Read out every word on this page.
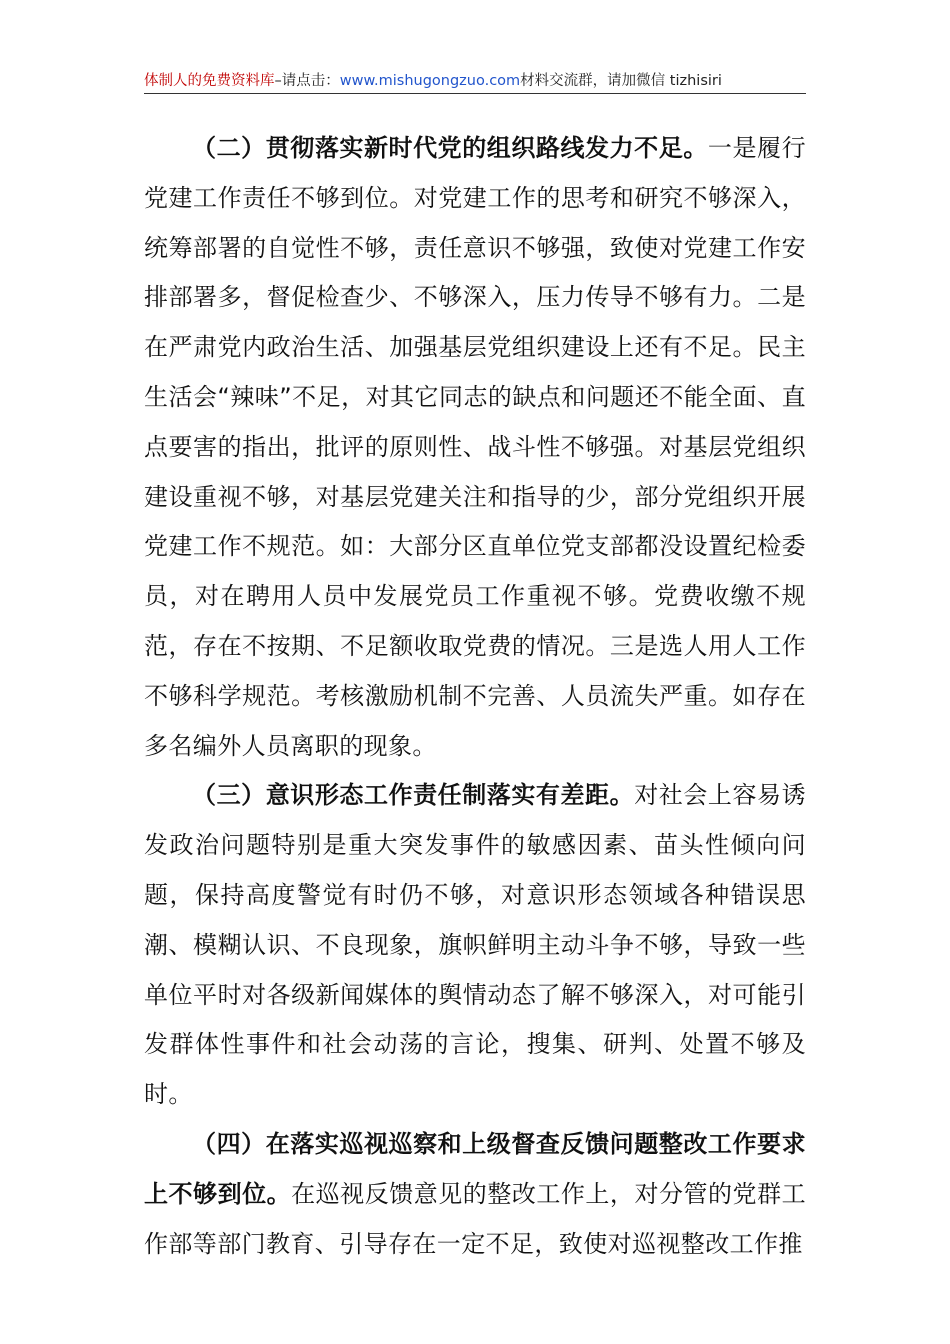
体制人的免费资料库–请点击：www.mishugongzuo.com材料交流群，请加微信 tizhisiri

（二）贯彻落实新时代党的组织路线发力不足。一是履行党建工作责任不够到位。对党建工作的思考和研究不够深入，统筹部署的自觉性不够，责任意识不够强，致使对党建工作安排部署多，督促检查少、不够深入，压力传导不够有力。二是在严肃党内政治生活、加强基层党组织建设上还有不足。民主生活会“辣味”不足，对其它同志的缺点和问题还不能全面、直点要害的指出，批评的原则性、战斗性不够强。对基层党组织建设重视不够，对基层党建关注和指导的少，部分党组织开展党建工作不规范。如：大部分区直单位党支部都没设置纪检委员，对在聘用人员中发展党员工作重视不够。党费收缴不规范，存在不按期、不足额收取党费的情况。三是选人用人工作不够科学规范。考核激励机制不完善、人员流失严重。如存在多名编外人员离职的现象。

（三）意识形态工作责任制落实有差距。对社会上容易诱发政治问题特别是重大突发事件的敏感因素、苗头性倾向问题，保持高度警觉有时仍不够，对意识形态领域各种错误思潮、模糊认识、不良现象，旗帜鲜明主动斗争不够，导致一些单位平时对各级新闻媒体的舆情动态了解不够深入，对可能引发群体性事件和社会动荡的言论，搜集、研判、处置不够及时。

（四）在落实巡视巡察和上级督查反馈问题整改工作要求上不够到位。在巡视反馈意见的整改工作上，对分管的党群工作部等部门教育、引导存在一定不足，致使对巡视整改工作推
